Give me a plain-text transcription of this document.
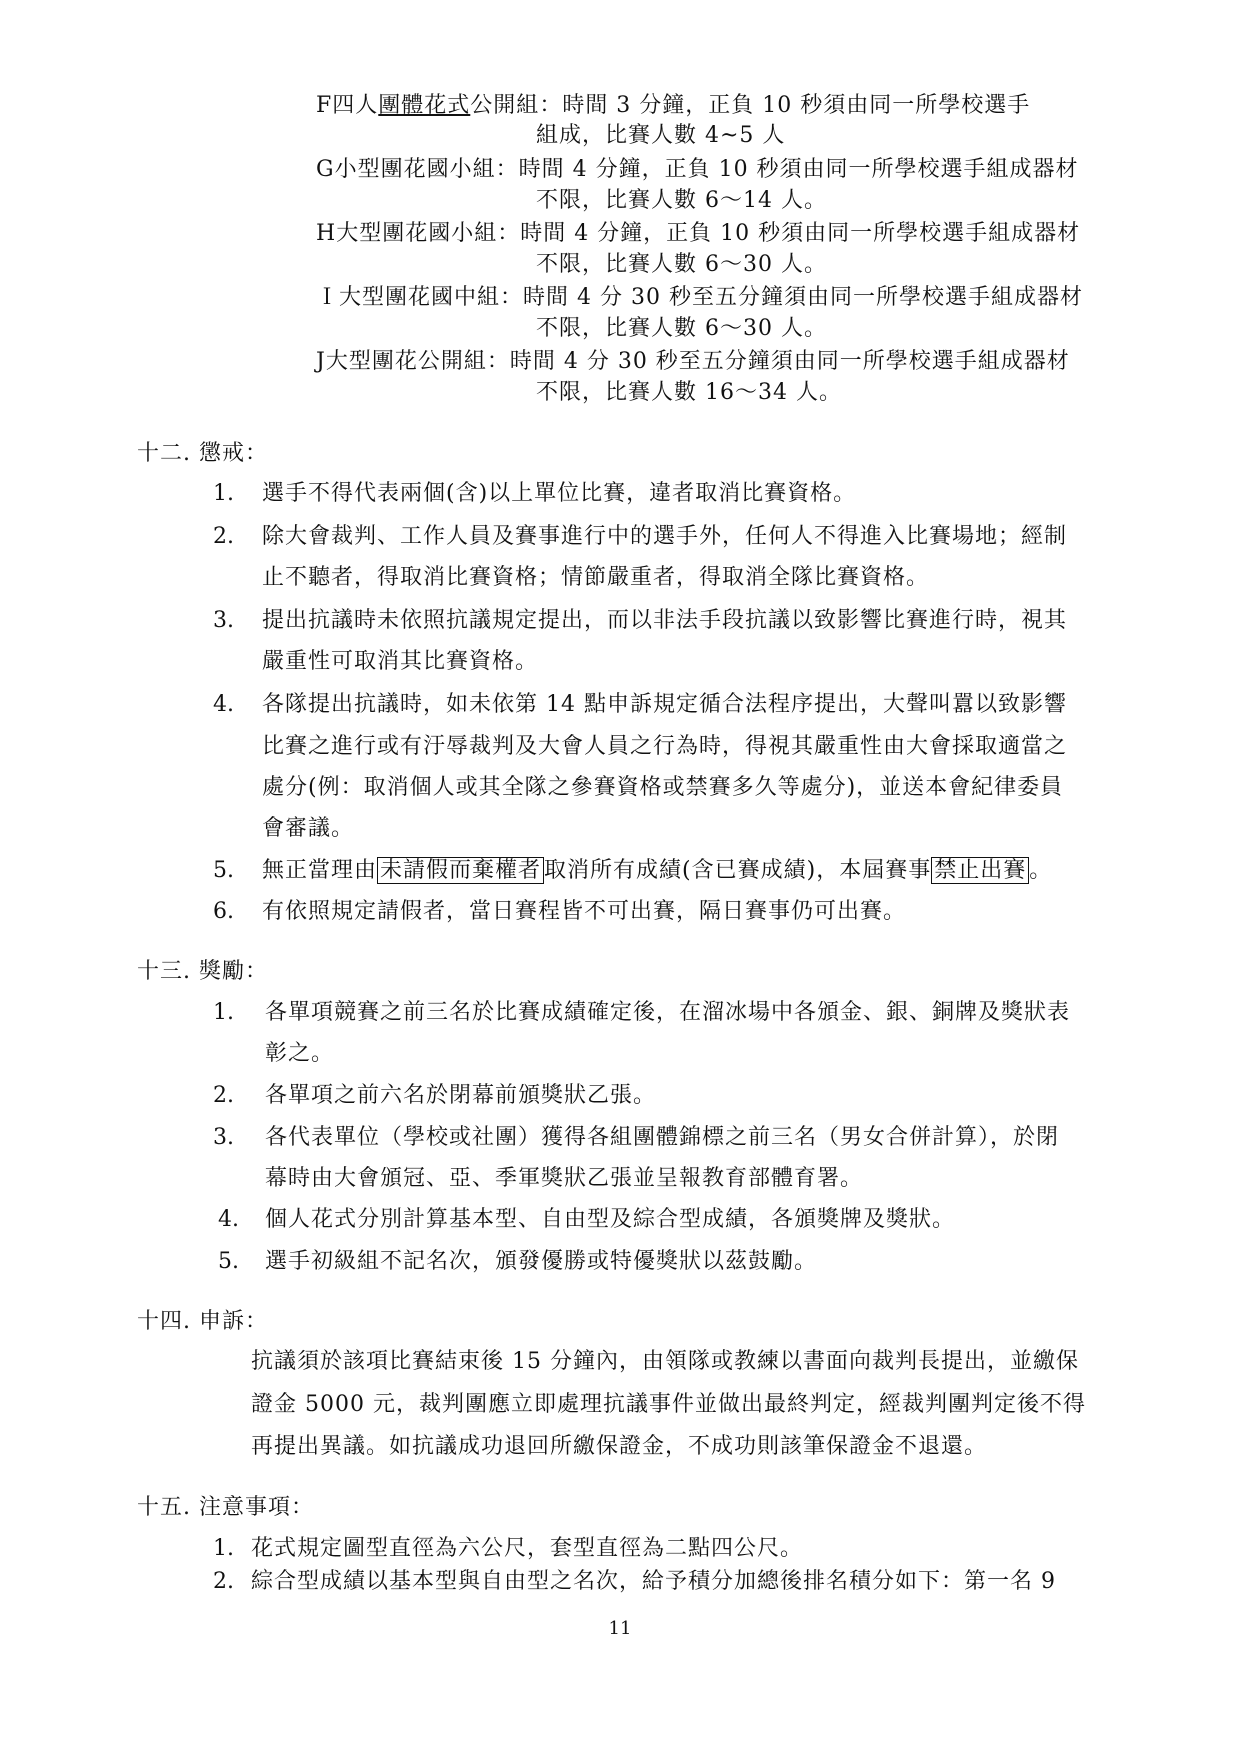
F四人團體花式公開組：時間 3 分鐘，正負 10 秒須由同一所學校選手
組成，比賽人數 4~5 人
G小型團花國小組：時間 4 分鐘，正負 10 秒須由同一所學校選手組成器材
不限，比賽人數 6～14 人。
H大型團花國小組：時間 4 分鐘，正負 10 秒須由同一所學校選手組成器材
不限，比賽人數 6～30 人。
Ｉ大型團花國中組：時間 4 分 30 秒至五分鐘須由同一所學校選手組成器材
不限，比賽人數 6～30 人。
J大型團花公開組：時間 4 分 30 秒至五分鐘須由同一所學校選手組成器材
不限，比賽人數 16～34 人。
十二. 懲戒：
1. 選手不得代表兩個(含)以上單位比賽，違者取消比賽資格。
2. 除大會裁判、工作人員及賽事進行中的選手外，任何人不得進入比賽場地；經制
止不聽者，得取消比賽資格；情節嚴重者，得取消全隊比賽資格。
3. 提出抗議時未依照抗議規定提出，而以非法手段抗議以致影響比賽進行時，視其
嚴重性可取消其比賽資格。
4. 各隊提出抗議時，如未依第 14 點申訴規定循合法程序提出，大聲叫囂以致影響
比賽之進行或有汙辱裁判及大會人員之行為時，得視其嚴重性由大會採取適當之
處分(例：取消個人或其全隊之參賽資格或禁賽多久等處分)，並送本會紀律委員
會審議。
5. 無正當理由 未請假而棄權者 取消所有成績(含已賽成績)，本屆賽事 禁止出賽 。
6. 有依照規定請假者，當日賽程皆不可出賽，隔日賽事仍可出賽。
十三. 獎勵：
1. 各單項競賽之前三名於比賽成績確定後，在溜冰場中各頒金、銀、銅牌及獎狀表
彰之。
2. 各單項之前六名於閉幕前頒獎狀乙張。
3. 各代表單位（學校或社團）獲得各組團體錦標之前三名（男女合併計算），於閉
幕時由大會頒冠、亞、季軍獎狀乙張並呈報教育部體育署。
4. 個人花式分別計算基本型、自由型及綜合型成績，各頒獎牌及獎狀。
5. 選手初級組不記名次，頒發優勝或特優獎狀以茲鼓勵。
十四. 申訴：
抗議須於該項比賽結束後 15 分鐘內，由領隊或教練以書面向裁判長提出，並繳保
證金 5000 元，裁判團應立即處理抗議事件並做出最終判定，經裁判團判定後不得
再提出異議。如抗議成功退回所繳保證金，不成功則該筆保證金不退還。
十五. 注意事項：
1. 花式規定圖型直徑為六公尺，套型直徑為二點四公尺。
2. 綜合型成績以基本型與自由型之名次，給予積分加總後排名積分如下：第一名 9
11
